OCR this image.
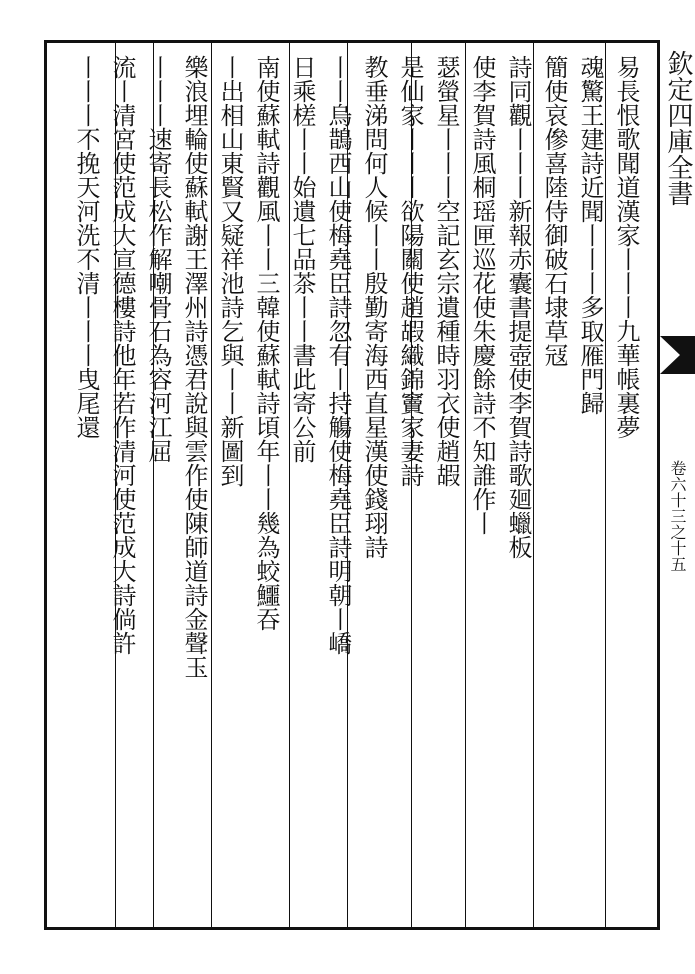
易長恨歌聞道漢家丨丨丨九華帳裏夢
魂驚王建詩近聞丨丨丨多取雁門歸
簡使哀傪喜陸侍御破石埭草冦
詩同觀丨丨丨新報赤囊書提壺使李賀詩歌廻蠟板
使李賀詩風桐瑶匣巡花使朱慶餘詩不知誰作丨
瑟螢星丨丨丨空記玄宗遺種時羽衣使趙嘏
是仙家丨丨丨欲陽關使趙嘏織錦竇家妻詩
教垂涕問何人候丨丨殷勤寄海西直星漢使錢珝詩
丨丨烏鵲西山使梅堯臣詩忽有丨持觴使梅堯臣詩明朝丨嶠
日乘槎丨丨始遺七品茶丨丨書此寄公前
南使蘇軾詩觀風丨丨三韓使蘇軾詩頃年丨丨幾為蛟鱷吞
丨出相山東賢又疑祥池詩乞與丨丨新圖到
樂浪埋輪使蘇軾謝王澤州詩憑君說與雲作使陳師道詩金聲玉
丨丨丨速寄長松作解嘲骨石為容河江屈
流丨清宮使范成大宣德樓詩他年若作清河使范成大詩倘許
丨丨丨不挽天河洗不清丨丨丨曳尾還	欽定四庫全書
卷六十三之十五
